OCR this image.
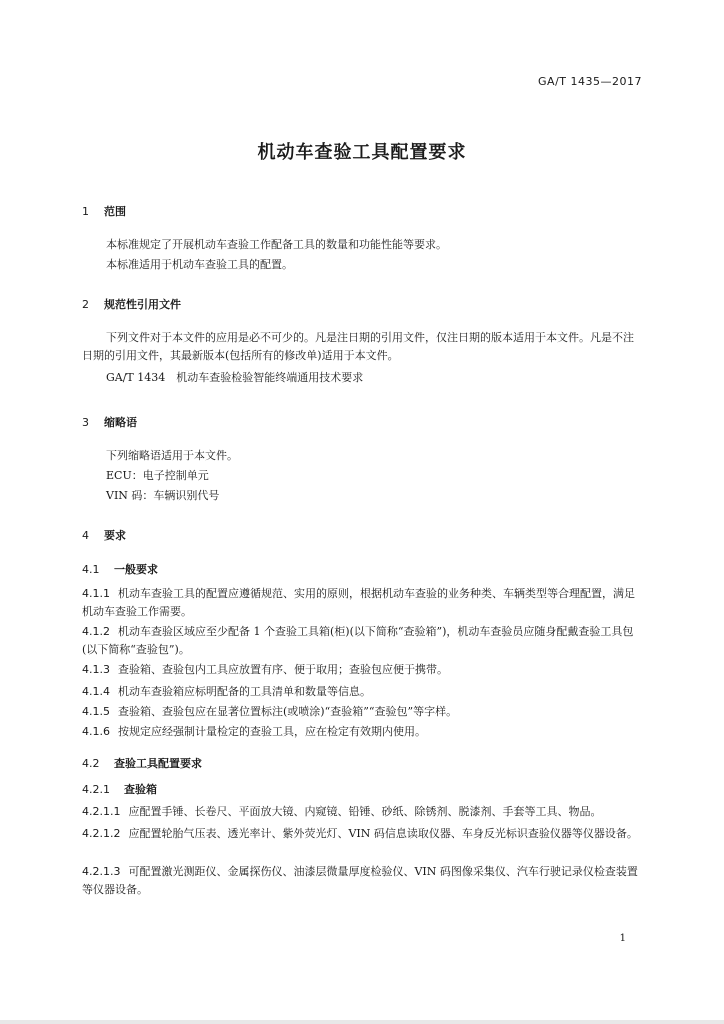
GA/T 1435—2017
机动车查验工具配置要求
1 范围
本标准规定了开展机动车查验工作配备工具的数量和功能性能等要求。
本标准适用于机动车查验工具的配置。
2 规范性引用文件
下列文件对于本文件的应用是必不可少的。凡是注日期的引用文件，仅注日期的版本适用于本文件。凡是不注日期的引用文件，其最新版本(包括所有的修改单)适用于本文件。
GA/T 1434　机动车查验检验智能终端通用技术要求
3 缩略语
下列缩略语适用于本文件。
ECU：电子控制单元
VIN 码：车辆识别代号
4 要求
4.1 一般要求
4.1.1 机动车查验工具的配置应遵循规范、实用的原则，根据机动车查验的业务种类、车辆类型等合理配置，满足机动车查验工作需要。
4.1.2 机动车查验区域应至少配备 1 个查验工具箱(柜)(以下简称“查验箱”)，机动车查验员应随身配戴查验工具包(以下简称“查验包”)。
4.1.3 查验箱、查验包内工具应放置有序、便于取用；查验包应便于携带。
4.1.4 机动车查验箱应标明配备的工具清单和数量等信息。
4.1.5 查验箱、查验包应在显著位置标注(或喷涂)“查验箱”“查验包”等字样。
4.1.6 按规定应经强制计量检定的查验工具，应在检定有效期内使用。
4.2 查验工具配置要求
4.2.1 查验箱
4.2.1.1 应配置手锤、长卷尺、平面放大镜、内窥镜、铅锤、砂纸、除锈剂、脱漆剂、手套等工具、物品。
4.2.1.2 应配置轮胎气压表、透光率计、紫外荧光灯、VIN 码信息读取仪器、车身反光标识查验仪器等仪器设备。
4.2.1.3 可配置激光测距仪、金属探伤仪、油漆层微量厚度检验仪、VIN 码图像采集仪、汽车行驶记录仪检查装置等仪器设备。
1
